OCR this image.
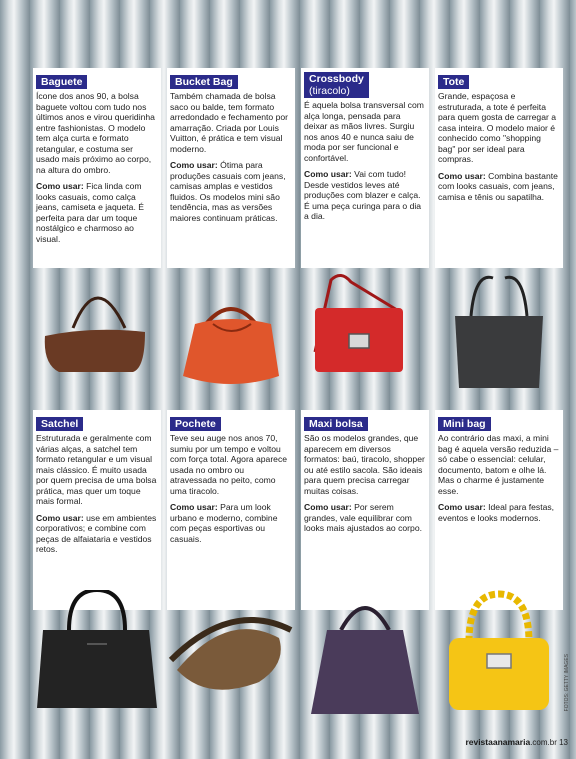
Baguete

Ícone dos anos 90, a bolsa baguete voltou com tudo nos últimos anos e virou queridinha entre fashionistas. O modelo tem alça curta e formato retangular, e costuma ser usado mais próximo ao corpo, na altura do ombro.

Como usar: Fica linda com looks casuais, como calça jeans, camiseta e jaqueta. É perfeita para dar um toque nostálgico e charmoso ao visual.

Bucket Bag

Também chamada de bolsa saco ou balde, tem formato arredondado e fechamento por amarração. Criada por Louis Vuitton, é prática e tem visual moderno.

Como usar: Ótima para produções casuais com jeans, camisas amplas e vestidos fluidos. Os modelos mini são tendência, mas as versões maiores continuam práticas.

Crossbody
(tiracolo)

É aquela bolsa transversal com alça longa, pensada para deixar as mãos livres. Surgiu nos anos 40 e nunca saiu de moda por ser funcional e confortável.

Como usar: Vai com tudo! Desde vestidos leves até produções com blazer e calça. É uma peça curinga para o dia a dia.

Tote

Grande, espaçosa e estruturada, a tote é perfeita para quem gosta de carregar a casa inteira. O modelo maior é conhecido como "shopping bag" por ser ideal para compras.

Como usar: Combina bastante com looks casuais, com jeans, camisa e tênis ou sapatilha.

Satchel

Estruturada e geralmente com várias alças, a satchel tem formato retangular e um visual mais clássico. É muito usada por quem precisa de uma bolsa prática, mas quer um toque mais formal.

Como usar: use em ambientes corporativos; e combine com peças de alfaiataria e vestidos retos.

Pochete

Teve seu auge nos anos 70, sumiu por um tempo e voltou com força total. Agora aparece usada no ombro ou atravessada no peito, como uma tiracolo.

Como usar: Para um look urbano e moderno, combine com peças esportivas ou casuais.

Maxi bolsa

São os modelos grandes, que aparecem em diversos formatos: baú, tiracolo, shopper ou até estilo sacola. São ideais para quem precisa carregar muitas coisas.

Como usar: Por serem grandes, vale equilibrar com looks mais ajustados ao corpo.

Mini bag

Ao contrário das maxi, a mini bag é aquela versão reduzida – só cabe o essencial: celular, documento, batom e olhe lá. Mas o charme é justamente esse.

Como usar: Ideal para festas, eventos e looks modernos.

FOTOS: GETTY IMAGES
revistaanamaria.com.br 13
